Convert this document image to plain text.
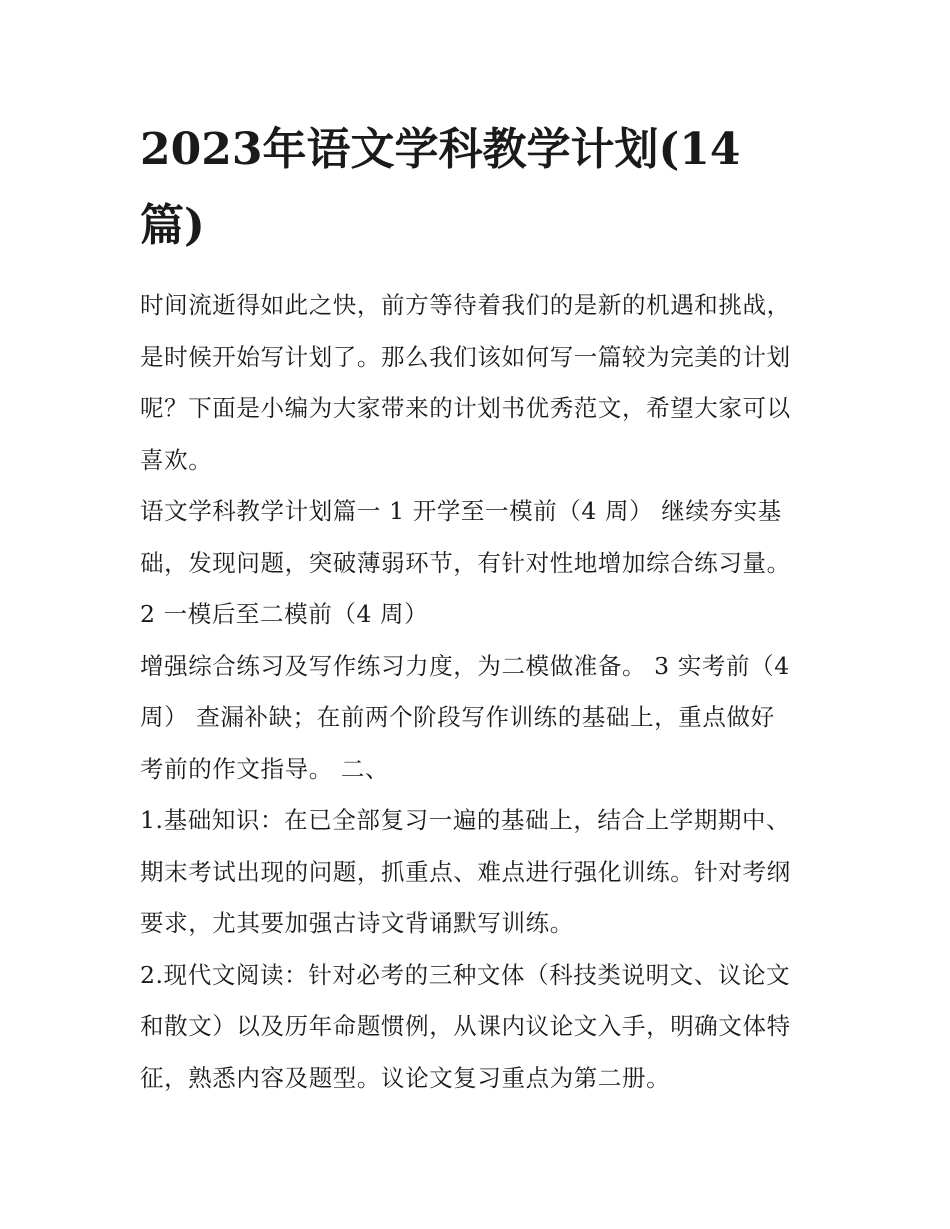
2023年语文学科教学计划(14
篇)

时间流逝得如此之快，前方等待着我们的是新的机遇和挑战，
是时候开始写计划了。那么我们该如何写一篇较为完美的计划
呢？下面是小编为大家带来的计划书优秀范文，希望大家可以
喜欢。

语文学科教学计划篇一 1 开学至一模前（4 周） 继续夯实基
础，发现问题，突破薄弱环节，有针对性地增加综合练习量。
2 一模后至二模前（4 周）

增强综合练习及写作练习力度，为二模做准备。 3 实考前（4
周） 查漏补缺；在前两个阶段写作训练的基础上，重点做好
考前的作文指导。 二、

1.基础知识：在已全部复习一遍的基础上，结合上学期期中、
期末考试出现的问题，抓重点、难点进行强化训练。针对考纲
要求，尤其要加强古诗文背诵默写训练。

2.现代文阅读：针对必考的三种文体（科技类说明文、议论文
和散文）以及历年命题惯例，从课内议论文入手，明确文体特
征，熟悉内容及题型。议论文复习重点为第二册。
